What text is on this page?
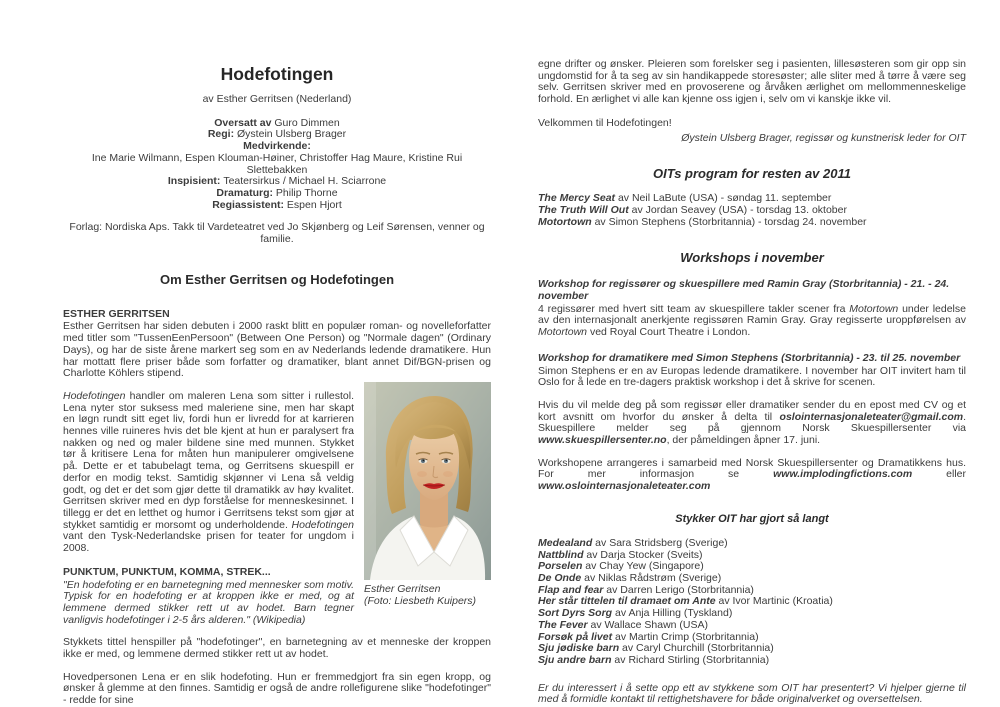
Hodefotingen
av Esther Gerritsen (Nederland)
Oversatt av Guro Dimmen
Regi: Øystein Ulsberg Brager
Medvirkende:
Ine Marie Wilmann, Espen Klouman-Høiner, Christoffer Hag Maure, Kristine Rui Slettebakken
Inspisient: Teatersirkus / Michael H. Sciarrone
Dramaturg: Philip Thorne
Regiassistent: Espen Hjort
Forlag: Nordiska Aps. Takk til Vardeteatret ved Jo Skjønberg og Leif Sørensen, venner og familie.
Om Esther Gerritsen og Hodefotingen
ESTHER GERRITSEN

Esther Gerritsen har siden debuten i 2000 raskt blitt en populær roman- og novelleforfatter med titler som "TussenEenPersoon" (Between One Person) og "Normale dagen" (Ordinary Days), og har de siste årene markert seg som en av Nederlands ledende dramatikere. Hun har mottatt flere priser både som forfatter og dramatiker, blant annet Dif/BGN-prisen og Charlotte Köhlers stipend.

Esther Gerritsen
(Foto: Liesbeth Kuipers)

Hodefotingen handler om maleren Lena som sitter i rullestol. Lena nyter stor suksess med maleriene sine, men har skapt en løgn rundt sitt eget liv, fordi hun er livredd for at karrieren hennes ville ruineres hvis det ble kjent at hun er paralysert fra nakken og ned og maler bildene sine med munnen. Stykket tør å kritisere Lena for måten hun manipulerer omgivelsene på. Dette er et tabubelagt tema, og Gerritsens skuespill er derfor en modig tekst. Samtidig skjønner vi Lena så veldig godt, og det er det som gjør dette til dramatikk av høy kvalitet. Gerritsen skriver med en dyp forståelse for menneskesinnet. I tillegg er det en letthet og humor i Gerritsens tekst som gjør at stykket samtidig er morsomt og underholdende. Hodefotingen vant den Tysk-Nederlandske prisen for teater for ungdom i 2008.

PUNKTUM, PUNKTUM, KOMMA, STREK...

"En hodefoting er en barnetegning med mennesker som motiv. Typisk for en hodefoting er at kroppen ikke er med, og at lemmene dermed stikker rett ut av hodet. Barn tegner vanligvis hodefotinger i 2-5 års alderen." (Wikipedia)

Stykkets tittel henspiller på "hodefotinger", en barnetegning av et menneske der kroppen ikke er med, og lemmene dermed stikker rett ut av hodet.

Hovedpersonen Lena er en slik hodefoting. Hun er fremmedgjort fra sin egen kropp, og ønsker å glemme at den finnes. Samtidig er også de andre rollefigurene slike "hodefotinger" - redde for sine

egne drifter og ønsker. Pleieren som forelsker seg i pasienten, lillesøsteren som gir opp sin ungdomstid for å ta seg av sin handikappede storesøster; alle sliter med å tørre å være seg selv. Gerritsen skriver med en provoserene og årvåken ærlighet om mellommenneskelige forhold. En ærlighet vi alle kan kjenne oss igjen i, selv om vi kanskje ikke vil.

Velkommen til Hodefotingen!
Øystein Ulsberg Brager, regissør og kunstnerisk leder for OIT
OITs program for resten av 2011
The Mercy Seat av Neil LaBute (USA) - søndag 11. september
The Truth Will Out av Jordan Seavey (USA) - torsdag 13. oktober
Motortown av Simon Stephens (Storbritannia) - torsdag 24. november
Workshops i november
Workshop for regissører og skuespillere med Ramin Gray (Storbritannia) - 21. - 24. november

4 regissører med hvert sitt team av skuespillere takler scener fra Motortown under ledelse av den internasjonalt anerkjente regissøren Ramin Gray. Gray regisserte uroppførelsen av Motortown ved Royal Court Theatre i London.

Workshop for dramatikere med Simon Stephens (Storbritannia) - 23. til 25. november

Simon Stephens er en av Europas ledende dramatikere. I november har OIT invitert ham til Oslo for å lede en tre-dagers praktisk workshop i det å skrive for scenen.

Hvis du vil melde deg på som regissør eller dramatiker sender du en epost med CV og et kort avsnitt om hvorfor du ønsker å delta til oslointernasjonaleteater@gmail.com. Skuespillere melder seg på gjennom Norsk Skuespillersenter via www.skuespillersenter.no, der påmeldingen åpner 17. juni.

Workshopene arrangeres i samarbeid med Norsk Skuespillersenter og Dramatikkens hus. For mer informasjon se www.implodingfictions.com eller www.oslointernasjonaleteater.com

Stykker OIT har gjort så langt
Medealand av Sara Stridsberg (Sverige)
Nattblind av Darja Stocker (Sveits)
Porselen av Chay Yew (Singapore)
De Onde av Niklas Rådstrøm (Sverige)
Flap and fear av Darren Lerigo (Storbritannia)
Her står tittelen til dramaet om Ante av Ivor Martinic (Kroatia)
Sort Dyrs Sorg av Anja Hilling (Tyskland)
The Fever av Wallace Shawn (USA)
Forsøk på livet av Martin Crimp (Storbritannia)
Sju jødiske barn av Caryl Churchill (Storbritannia)
Sju andre barn av Richard Stirling (Storbritannia)

Er du interessert i å sette opp ett av stykkene som OIT har presentert? Vi hjelper gjerne til med å formidle kontakt til rettighetshavere for både originalverket og oversettelsen.
